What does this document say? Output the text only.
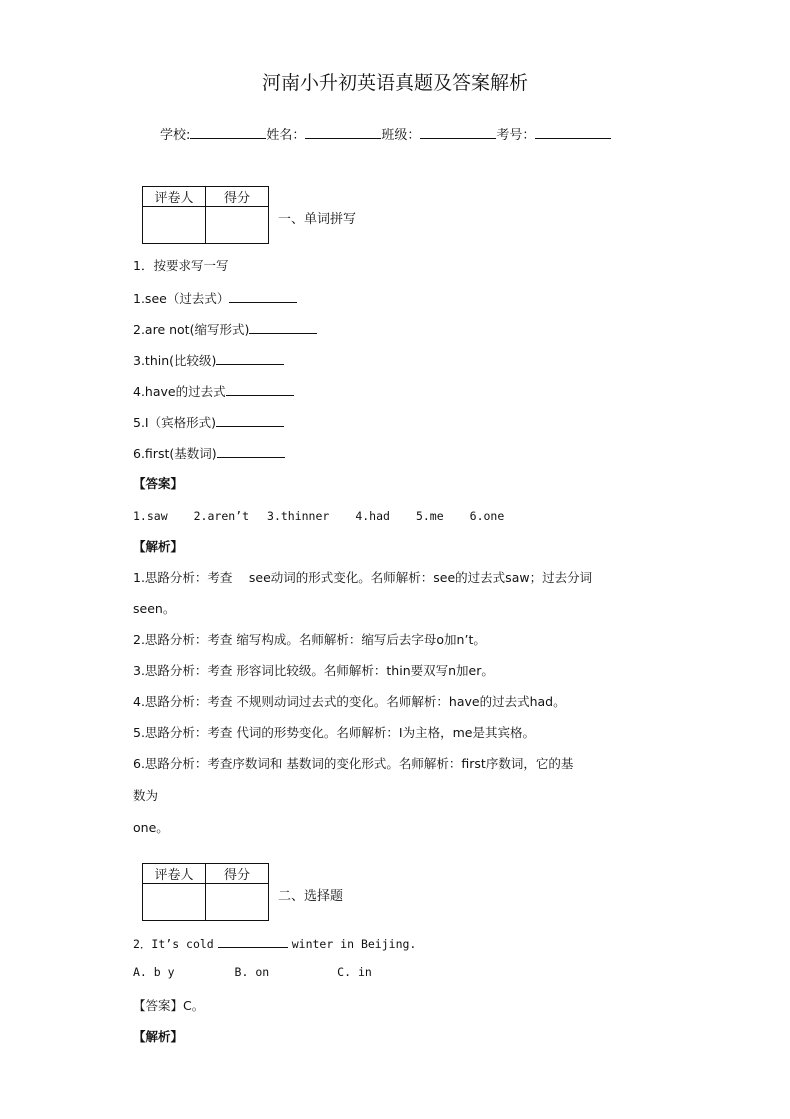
河南小升初英语真题及答案解析
学校:	姓名：	班级：	考号：
评卷人	得分

一、单词拼写
1．按要求写一写
1.see（过去式）
2.are not(缩写形式)
3.thin(比较级)
4.have的过去式
5.I（宾格形式)
6.first(基数词)
【答案】
1.saw 2.aren’t 3.thinner 4.had 5.me 6.one
【解析】
1.思路分析：考查　 see动词的形式变化。名师解析：see的过去式saw；过去分词
seen。
2.思路分析：考查 缩写构成。名师解析：缩写后去字母o加n’t。
3.思路分析：考查 形容词比较级。名师解析：thin要双写n加er。
4.思路分析：考查 不规则动词过去式的变化。名师解析：have的过去式had。
5.思路分析：考查 代词的形势变化。名师解析：I为主格，me是其宾格。
6.思路分析：考查序数词和 基数词的变化形式。名师解析：first序数词，它的基
数为
one。
评卷人	得分

二、选择题
2．It’s cold	winter in Beijing.
A. b y	B. on	C. in
【答案】C。
【解析】
